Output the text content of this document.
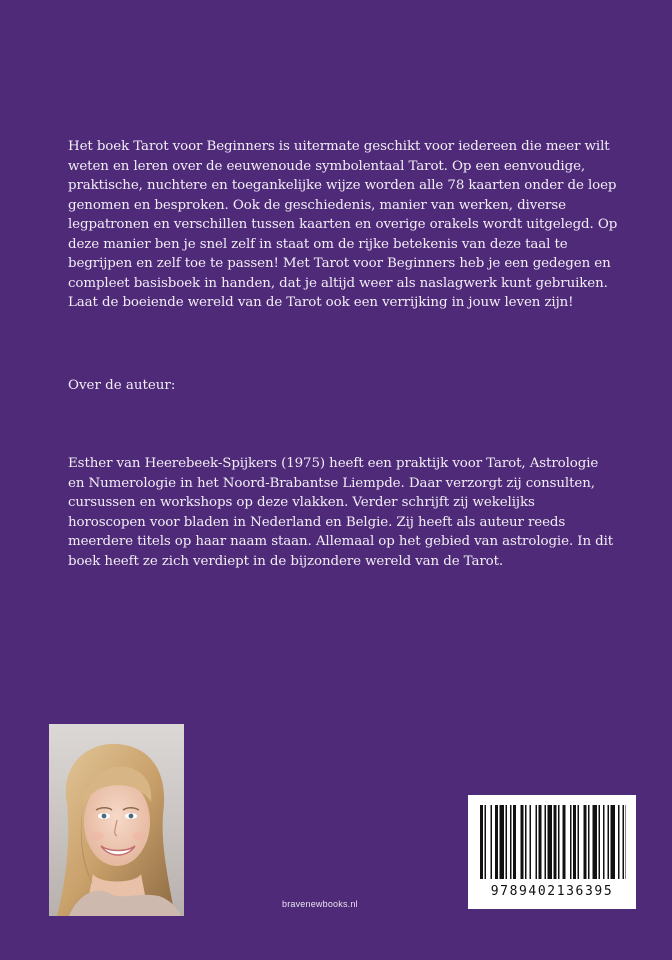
Het boek Tarot voor Beginners is uitermate geschikt voor iedereen die meer wilt
weten en leren over de eeuwenoude symbolentaal Tarot. Op een eenvoudige,
praktische, nuchtere en toegankelijke wijze worden alle 78 kaarten onder de loep
genomen en besproken. Ook de geschiedenis, manier van werken, diverse
legpatronen en verschillen tussen kaarten en overige orakels wordt uitgelegd. Op
deze manier ben je snel zelf in staat om de rijke betekenis van deze taal te
begrijpen en zelf toe te passen! Met Tarot voor Beginners heb je een gedegen en
compleet basisboek in handen, dat je altijd weer als naslagwerk kunt gebruiken.
Laat de boeiende wereld van de Tarot ook een verrijking in jouw leven zijn!

Over de auteur:

Esther van Heerebeek-Spijkers (1975) heeft een praktijk voor Tarot, Astrologie
en Numerologie in het Noord-Brabantse Liempde. Daar verzorgt zij consulten,
cursussen en workshops op deze vlakken. Verder schrijft zij wekelijks
horoscopen voor bladen in Nederland en Belgie. Zij heeft als auteur reeds
meerdere titels op haar naam staan. Allemaal op het gebied van astrologie. In dit
boek heeft ze zich verdiept in de bijzondere wereld van de Tarot.

9789402136395
bravenewbooks.nl
